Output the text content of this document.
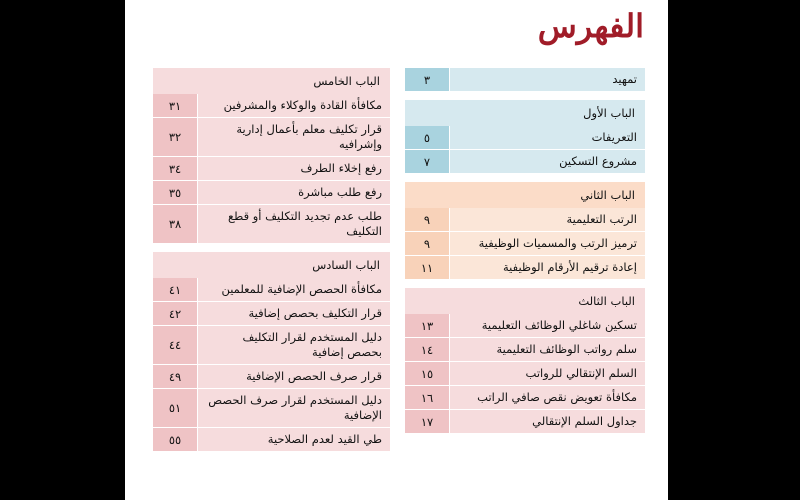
الفهرس
تمهيد
٣
الباب الأول
التعريفات
٥
مشروع التسكين
٧
الباب الثاني
الرتب التعليمية
٩
ترميز الرتب والمسميات الوظيفية
٩
إعادة ترقيم الأرقام الوظيفية
١١
الباب الثالث
تسكين شاغلي الوظائف التعليمية
١٣
سلم رواتب الوظائف التعليمية
١٤
السلم الإنتقالي للرواتب
١٥
مكافأة تعويض نقص صافي الراتب
١٦
جداول السلم الإنتقالي
١٧
الباب الخامس
مكافأة القادة والوكلاء والمشرفين
٣١
قرار تكليف معلم بأعمال إدارية وإشرافيه
٣٢
رفع إخلاء الطرف
٣٤
رفع طلب مباشرة
٣٥
طلب عدم تجديد التكليف أو قطع التكليف
٣٨
الباب السادس
مكافأة الحصص الإضافية للمعلمين
٤١
قرار التكليف بحصص إضافية
٤٢
دليل المستخدم لقرار التكليف بحصص إضافية
٤٤
قرار صرف الحصص الإضافية
٤٩
دليل المستخدم لقرار صرف الحصص الإضافية
٥١
طي القيد لعدم الصلاحية
٥٥
